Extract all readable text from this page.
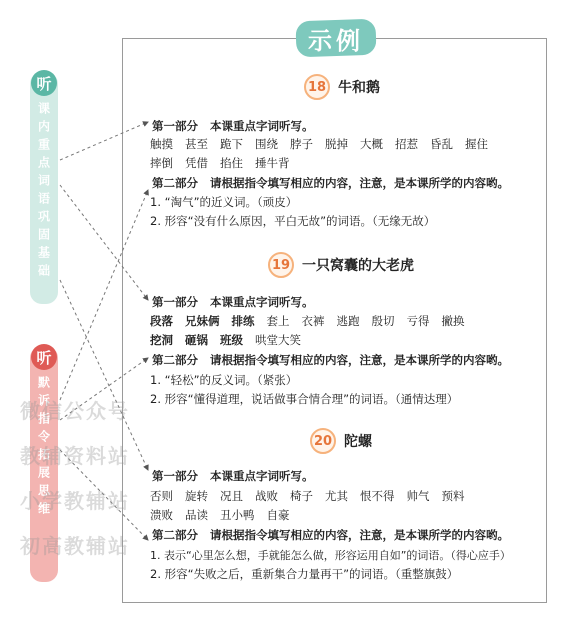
示例
听
课内重点词语巩固基础
听
默诉指令拓展思维
18 牛和鹅
第一部分 本课重点字词听写。
触摸 甚至 跪下 围绕 脖子 脱掉 大概 招惹 昏乱 握住
摔倒 凭借 掐住 捶牛背
第二部分 请根据指令填写相应的内容，注意，是本课所学的内容哟。
1. “淘气”的近义词。（顽皮）
2. 形容“没有什么原因，平白无故”的词语。（无缘无故）
19 一只窝囊的大老虎
第一部分 本课重点字词听写。
段落 兄妹俩 排练 套上 衣裤 逃跑 殷切 亏得 撇换
挖洞 砸锅 班级 哄堂大笑
第二部分 请根据指令填写相应的内容，注意，是本课所学的内容哟。
1. “轻松”的反义词。（紧张）
2. 形容“懂得道理，说话做事合情合理”的词语。（通情达理）
20 陀螺
第一部分 本课重点字词听写。
否则 旋转 况且 战败 椅子 尤其 恨不得 帅气 预料
溃败 品读 丑小鸭 自豪
第二部分 请根据指令填写相应的内容，注意，是本课所学的内容哟。
1. 表示“心里怎么想，手就能怎么做，形容运用自如”的词语。（得心应手）
2. 形容“失败之后，重新集合力量再干”的词语。（重整旗鼓）
微信公众号
教辅资料站
小学教辅站
初高教辅站
